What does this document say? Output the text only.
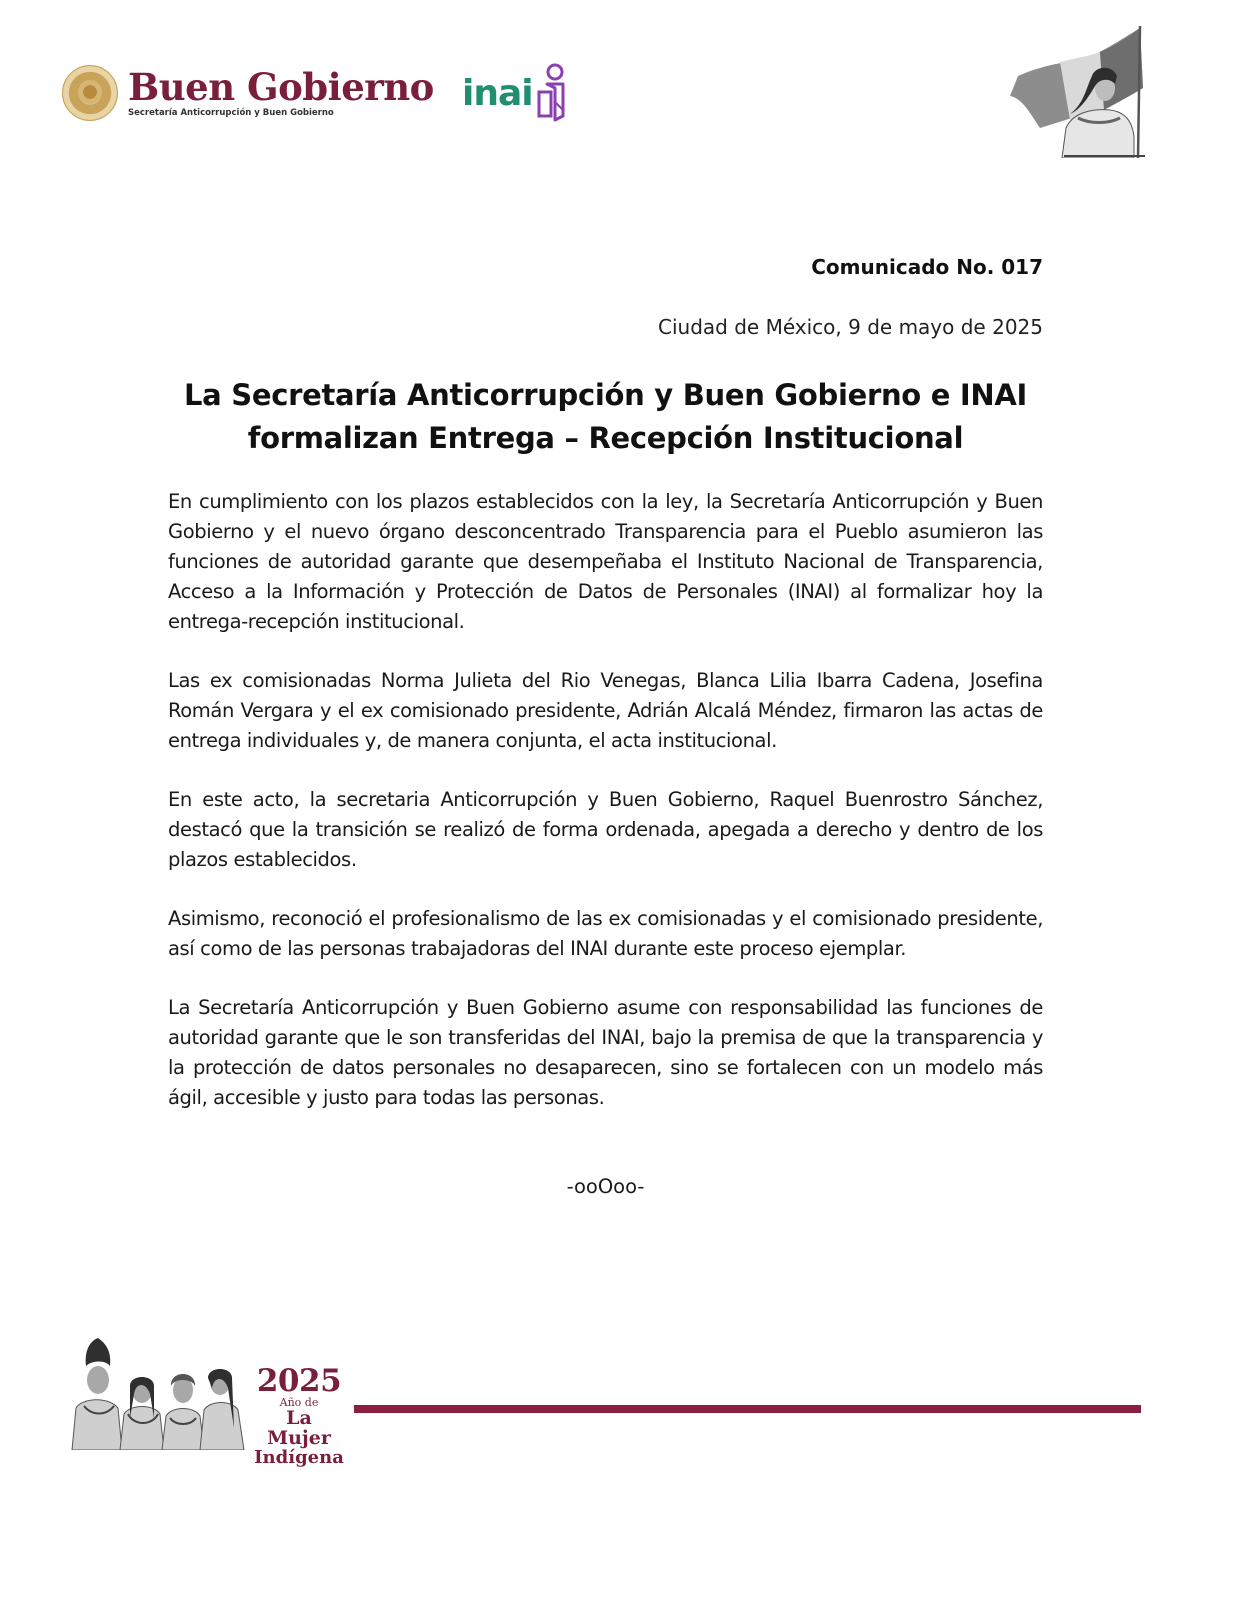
Buen Gobierno
Secretaría Anticorrupción y Buen Gobierno	inai
Comunicado No. 017
Ciudad de México, 9 de mayo de 2025
La Secretaría Anticorrupción y Buen Gobierno e INAI
formalizan Entrega – Recepción Institucional

En cumplimiento con los plazos establecidos con la ley, la Secretaría Anticorrupción y Buen Gobierno y el nuevo órgano desconcentrado Transparencia para el Pueblo asumieron las funciones de autoridad garante que desempeñaba el Instituto Nacional de Transparencia, Acceso a la Información y Protección de Datos de Personales (INAI) al formalizar hoy la entrega-recepción institucional.

Las ex comisionadas Norma Julieta del Rio Venegas, Blanca Lilia Ibarra Cadena, Josefina Román Vergara y el ex comisionado presidente, Adrián Alcalá Méndez, firmaron las actas de entrega individuales y, de manera conjunta, el acta institucional.

En este acto, la secretaria Anticorrupción y Buen Gobierno, Raquel Buenrostro Sánchez, destacó que la transición se realizó de forma ordenada, apegada a derecho y dentro de los plazos establecidos.

Asimismo, reconoció el profesionalismo de las ex comisionadas y el comisionado presidente, así como de las personas trabajadoras del INAI durante este proceso ejemplar.

La Secretaría Anticorrupción y Buen Gobierno asume con responsabilidad las funciones de autoridad garante que le son transferidas del INAI, bajo la premisa de que la transparencia y la protección de datos personales no desaparecen, sino se fortalecen con un modelo más ágil, accesible y justo para todas las personas.

-ooOoo-
2025
Año de
La Mujer
Indígena
